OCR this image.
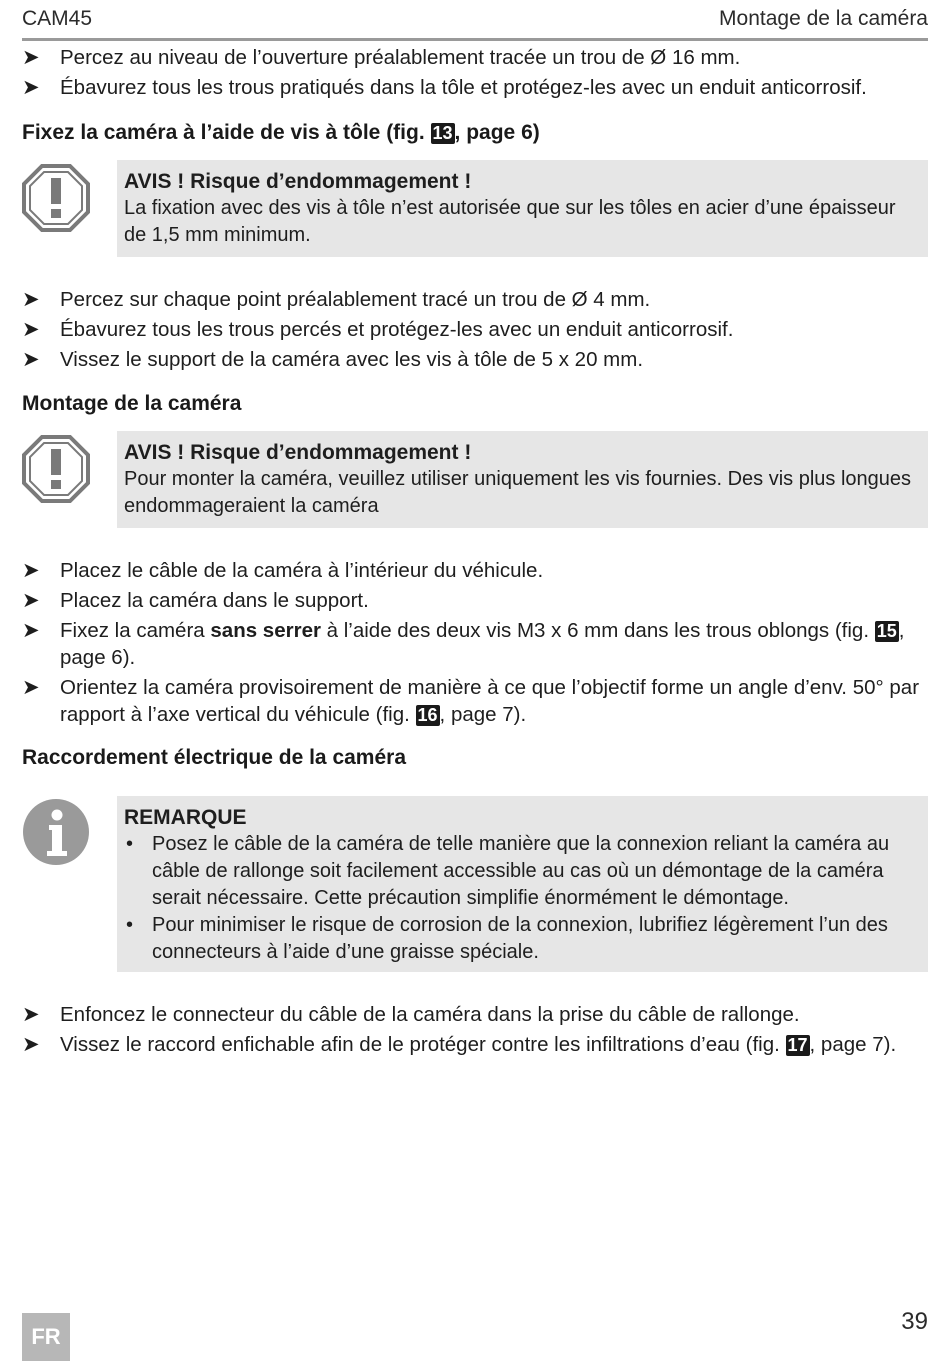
CAM45	Montage de la caméra
➤ Percez au niveau de l’ouverture préalablement tracée un trou de Ø 16 mm.
➤ Ébavurez tous les trous pratiqués dans la tôle et protégez-les avec un enduit anticorrosif.
Fixez la caméra à l’aide de vis à tôle (fig. 13, page 6)
AVIS ! Risque d’endommagement !
La fixation avec des vis à tôle n’est autorisée que sur les tôles en acier d’une épaisseur de 1,5 mm minimum.
➤ Percez sur chaque point préalablement tracé un trou de Ø 4 mm.
➤ Ébavurez tous les trous percés et protégez-les avec un enduit anticorrosif.
➤ Vissez le support de la caméra avec les vis à tôle de 5 x 20 mm.
Montage de la caméra
AVIS ! Risque d’endommagement !
Pour monter la caméra, veuillez utiliser uniquement les vis fournies. Des vis plus longues endommageraient la caméra
➤ Placez le câble de la caméra à l’intérieur du véhicule.
➤ Placez la caméra dans le support.
➤ Fixez la caméra sans serrer à l’aide des deux vis M3 x 6 mm dans les trous oblongs (fig. 15, page 6).
➤ Orientez la caméra provisoirement de manière à ce que l’objectif forme un angle d’env. 50° par rapport à l’axe vertical du véhicule (fig. 16, page 7).
Raccordement électrique de la caméra
REMARQUE
• Posez le câble de la caméra de telle manière que la connexion reliant la caméra au câble de rallonge soit facilement accessible au cas où un démontage de la caméra serait nécessaire. Cette précaution simplifie énormément le démontage.
• Pour minimiser le risque de corrosion de la connexion, lubrifiez légèrement l’un des connecteurs à l’aide d’une graisse spéciale.
➤ Enfoncez le connecteur du câble de la caméra dans la prise du câble de rallonge.
➤ Vissez le raccord enfichable afin de le protéger contre les infiltrations d’eau (fig. 17, page 7).
FR
39
